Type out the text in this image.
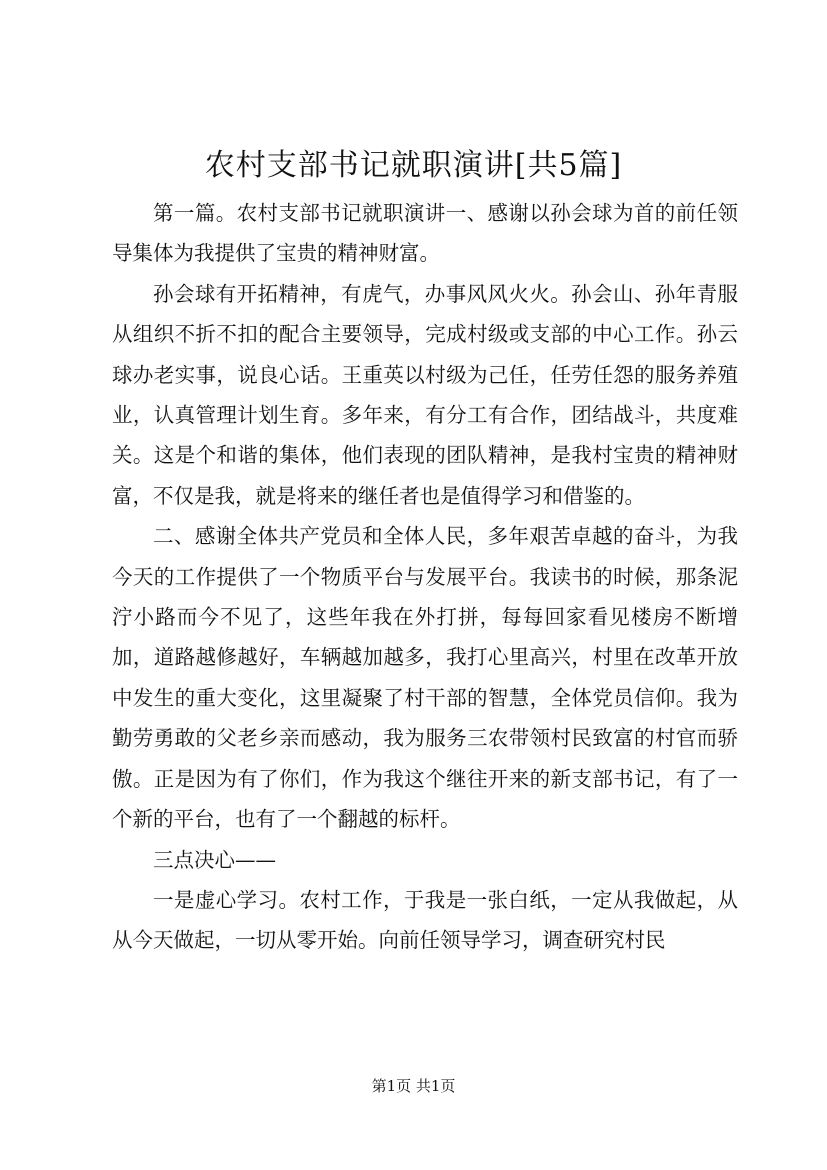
农村支部书记就职演讲[共5篇]

第一篇。农村支部书记就职演讲一、感谢以孙会球为首的前任领导集体为我提供了宝贵的精神财富。

孙会球有开拓精神，有虎气，办事风风火火。孙会山、孙年青服从组织不折不扣的配合主要领导，完成村级或支部的中心工作。孙云球办老实事，说良心话。王重英以村级为己任，任劳任怨的服务养殖业，认真管理计划生育。多年来，有分工有合作，团结战斗，共度难关。这是个和谐的集体，他们表现的团队精神，是我村宝贵的精神财富，不仅是我，就是将来的继任者也是值得学习和借鉴的。

二、感谢全体共产党员和全体人民，多年艰苦卓越的奋斗，为我今天的工作提供了一个物质平台与发展平台。我读书的时候，那条泥泞小路而今不见了，这些年我在外打拼，每每回家看见楼房不断增加，道路越修越好，车辆越加越多，我打心里高兴，村里在改革开放中发生的重大变化，这里凝聚了村干部的智慧，全体党员信仰。我为勤劳勇敢的父老乡亲而感动，我为服务三农带领村民致富的村官而骄傲。正是因为有了你们，作为我这个继往开来的新支部书记，有了一个新的平台，也有了一个翻越的标杆。

三点决心——

一是虚心学习。农村工作，于我是一张白纸，一定从我做起，从从今天做起，一切从零开始。向前任领导学习，调查研究村民

第1页 共1页
